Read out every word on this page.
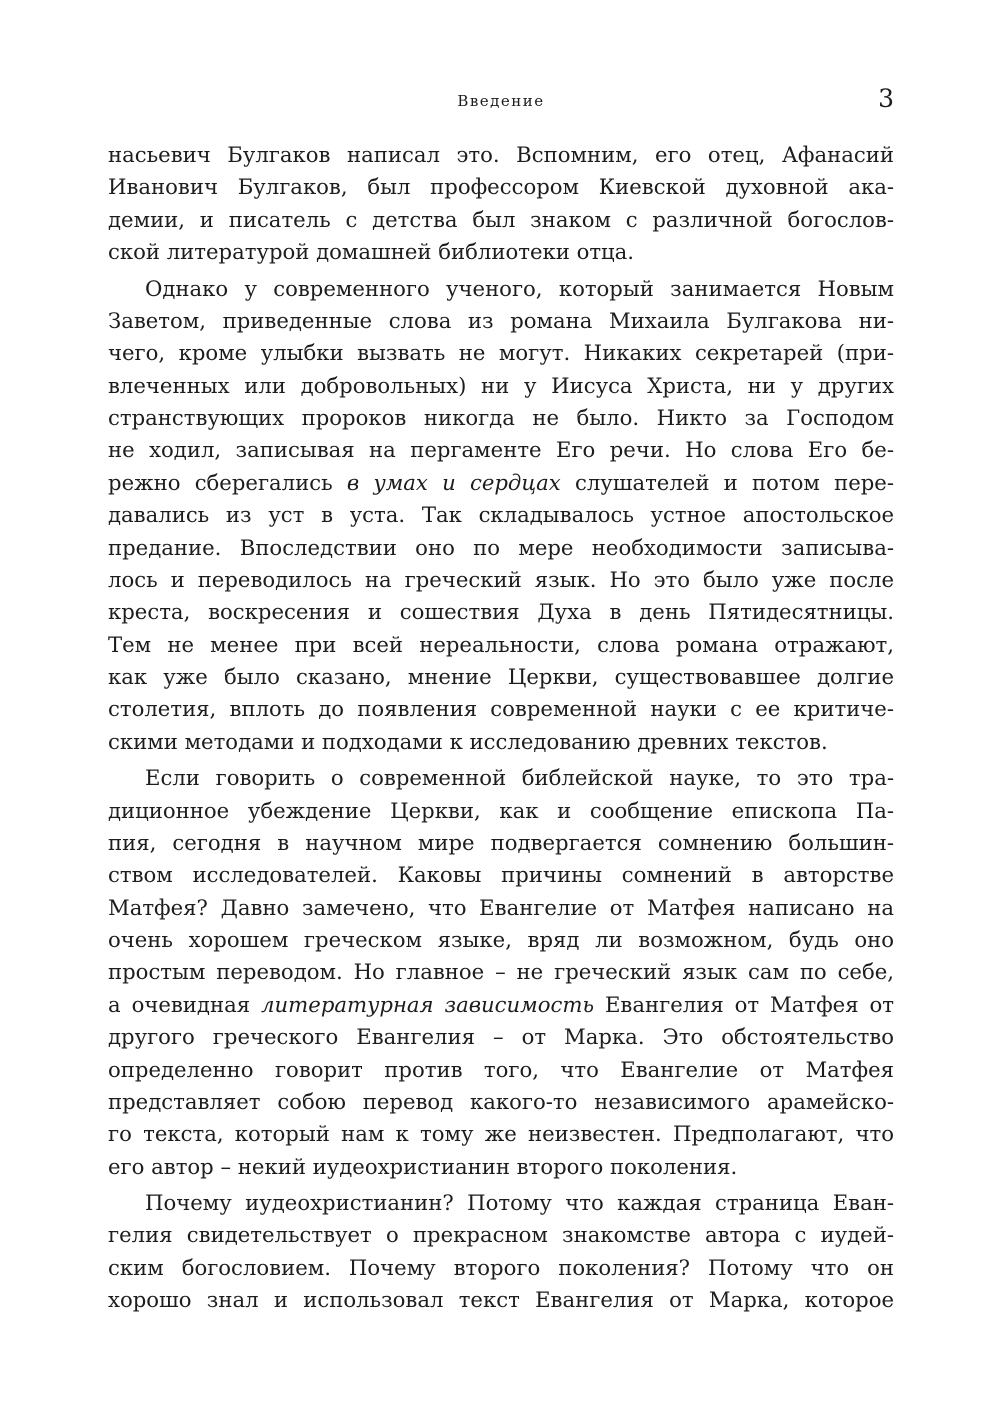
Введение	3
насьевич Булгаков написал это. Вспомним, его отец, Афанасий
Иванович Булгаков, был профессором Киевской духовной ака-
демии, и писатель с детства был знаком с различной богослов-
ской литературой домашней библиотеки отца.
Однако у современного ученого, который занимается Новым
Заветом, приведенные слова из романа Михаила Булгакова ни-
чего, кроме улыбки вызвать не могут. Никаких секретарей (при-
влеченных или добровольных) ни у Иисуса Христа, ни у других
странствующих пророков никогда не было. Никто за Господом
не ходил, записывая на пергаменте Его речи. Но слова Его бе-
режно сберегались в умах и сердцах слушателей и потом пере-
давались из уст в уста. Так складывалось устное апостольское
предание. Впоследствии оно по мере необходимости записыва-
лось и переводилось на греческий язык. Но это было уже после
креста, воскресения и сошествия Духа в день Пятидесятницы.
Тем не менее при всей нереальности, слова романа отражают,
как уже было сказано, мнение Церкви, существовавшее долгие
столетия, вплоть до появления современной науки с ее критиче-
скими методами и подходами к исследованию древних текстов.
Если говорить о современной библейской науке, то это тра-
диционное убеждение Церкви, как и сообщение епископа Па-
пия, сегодня в научном мире подвергается сомнению большин-
ством исследователей. Каковы причины сомнений в авторстве
Матфея? Давно замечено, что Евангелие от Матфея написано на
очень хорошем греческом языке, вряд ли возможном, будь оно
простым переводом. Но главное – не греческий язык сам по себе,
а очевидная литературная зависимость Евангелия от Матфея от
другого греческого Евангелия – от Марка. Это обстоятельство
определенно говорит против того, что Евангелие от Матфея
представляет собою перевод какого-то независимого арамейско-
го текста, который нам к тому же неизвестен. Предполагают, что
его автор – некий иудеохристианин второго поколения.
Почему иудеохристианин? Потому что каждая страница Еван-
гелия свидетельствует о прекрасном знакомстве автора с иудей-
ским богословием. Почему второго поколения? Потому что он
хорошо знал и использовал текст Евангелия от Марка, которое
